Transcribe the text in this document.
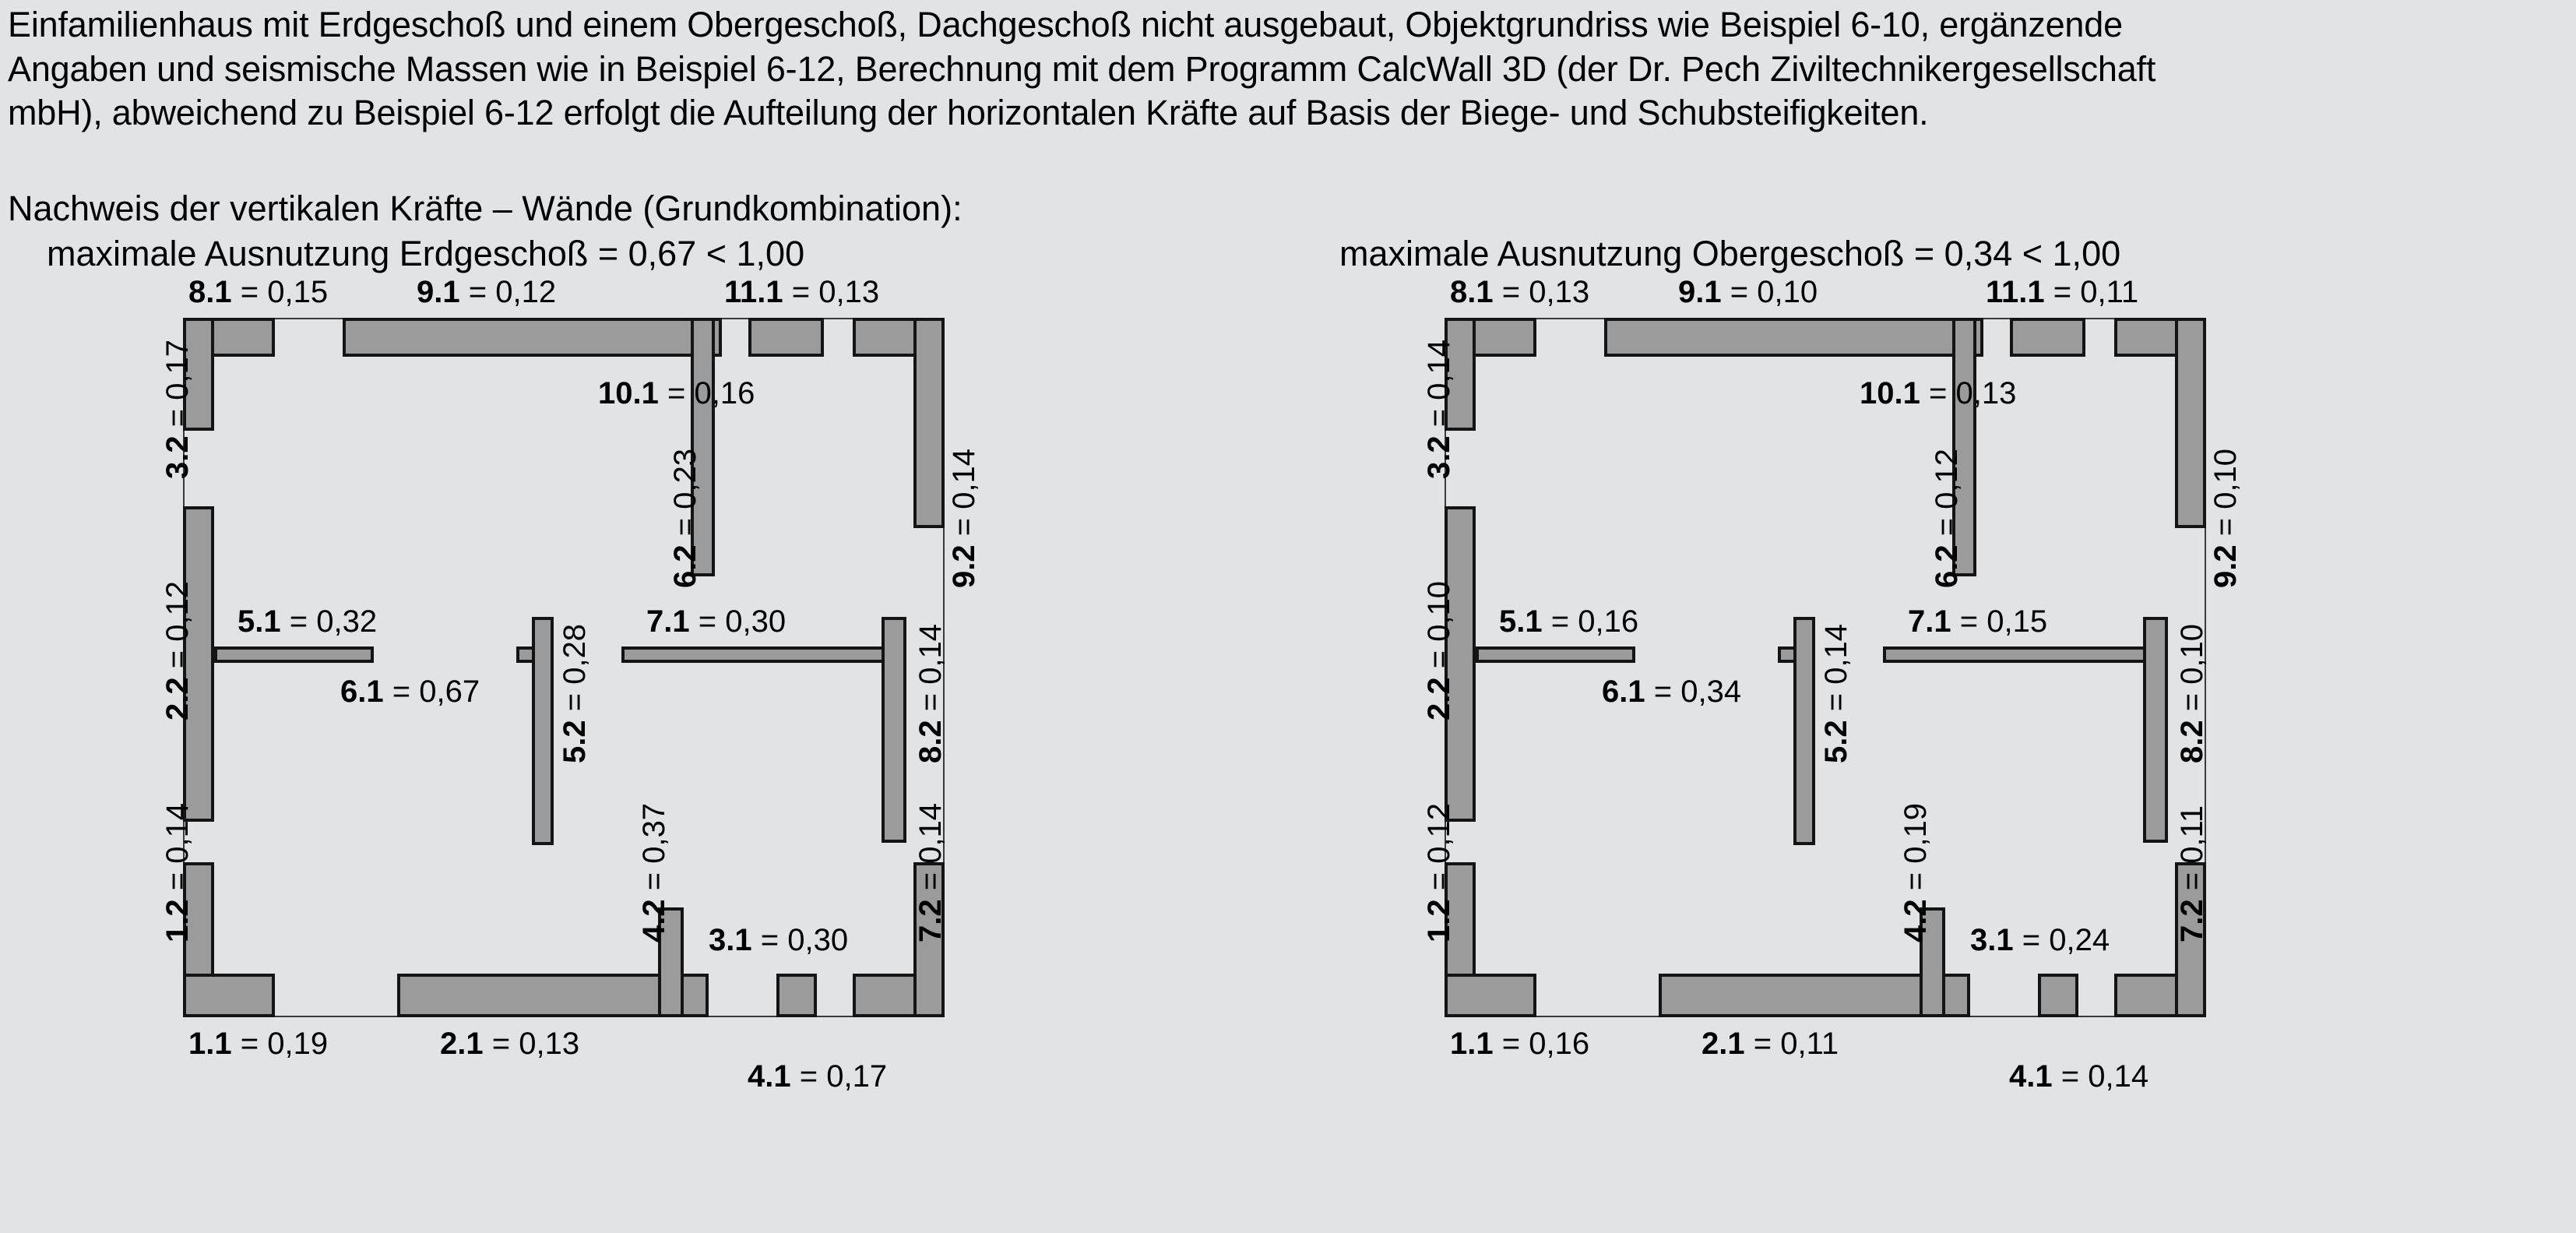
Einfamilienhaus mit Erdgeschoß und einem Obergeschoß, Dachgeschoß nicht ausgebaut, Objektgrundriss wie Beispiel 6-10, ergänzende

Angaben und seismische Massen wie in Beispiel 6-12, Berechnung mit dem Programm CalcWall 3D (der Dr. Pech Ziviltechnikergesellschaft

mbH), abweichend zu Beispiel 6-12 erfolgt die Aufteilung der horizontalen Kräfte auf Basis der Biege- und Schubsteifigkeiten.

Nachweis der vertikalen Kräfte – Wände (Grundkombination):
maximale Ausnutzung Erdgeschoß = 0,67 < 1,00	maximale Ausnutzung Obergeschoß = 0,34 < 1,00
8.1 = 0,15	9.1 = 0,12	11.1 = 0,13
10.1 = 0,16
3.2 = 0,17
6.2 = 0,23
9.2 = 0,14
2.2 = 0,12 5.1 = 0,32
6.1 = 0,67
5.2 = 0,28
7.1 = 0,30
8.2 = 0,14
1.2 = 0,14
4.2 = 0,37
7.2 = 0,14
3.1 = 0,30
1.1 = 0,19	2.1 = 0,13
4.1 = 0,17
8.1 = 0,13	9.1 = 0,10	11.1 = 0,11
10.1 = 0,13
3.2 = 0,14
6.2 = 0,12
9.2 = 0,10
2.2 = 0,10 5.1 = 0,16
6.1 = 0,34
5.2 = 0,14
7.1 = 0,15
8.2 = 0,10
1.2 = 0,12
4.2 = 0,19
7.2 = 0,11
3.1 = 0,24
1.1 = 0,16	2.1 = 0,11
4.1 = 0,14
